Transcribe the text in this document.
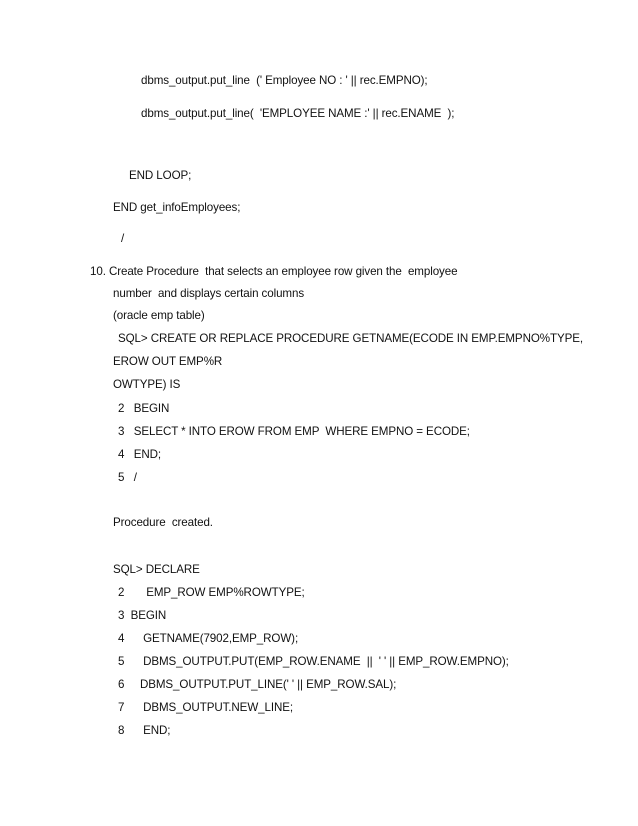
dbms_output.put_line  (' Employee NO : ' || rec.EMPNO);
dbms_output.put_line(  'EMPLOYEE NAME :' || rec.ENAME  );
END LOOP;
END get_infoEmployees;
/
10. Create Procedure  that selects an employee row given the  employee
number  and displays certain columns
(oracle emp table)
SQL> CREATE OR REPLACE PROCEDURE GETNAME(ECODE IN EMP.EMPNO%TYPE,
EROW OUT EMP%R
OWTYPE) IS
2   BEGIN
3   SELECT * INTO EROW FROM EMP  WHERE EMPNO = ECODE;
4   END;
5   /
Procedure  created.
SQL> DECLARE
2       EMP_ROW EMP%ROWTYPE;
3  BEGIN
4      GETNAME(7902,EMP_ROW);
5      DBMS_OUTPUT.PUT(EMP_ROW.ENAME  ||  ' ' || EMP_ROW.EMPNO);
6     DBMS_OUTPUT.PUT_LINE(' ' || EMP_ROW.SAL);
7      DBMS_OUTPUT.NEW_LINE;
8      END;
